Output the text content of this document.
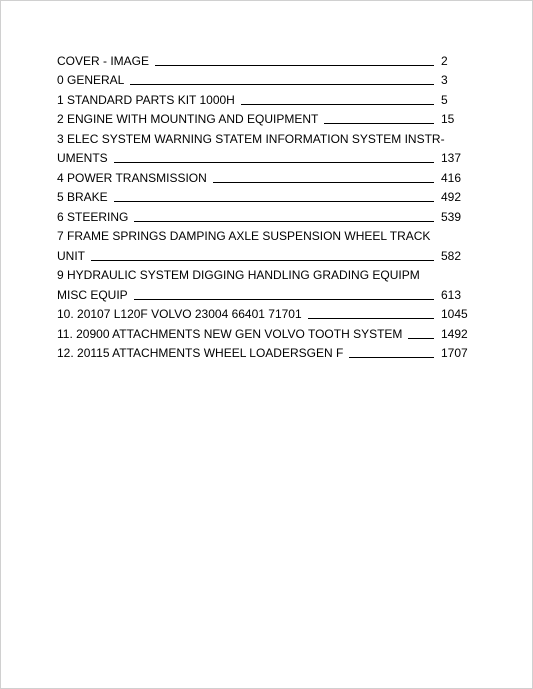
COVER - IMAGE	2
0 GENERAL	3
1 STANDARD PARTS KIT 1000H	5
2 ENGINE WITH MOUNTING AND EQUIPMENT	15
3 ELEC SYSTEM WARNING STATEM INFORMATION SYSTEM INSTR-
UMENTS	137
4 POWER TRANSMISSION	416
5 BRAKE	492
6 STEERING	539
7 FRAME SPRINGS DAMPING AXLE SUSPENSION WHEEL TRACK
UNIT	582
9 HYDRAULIC SYSTEM DIGGING HANDLING GRADING EQUIPM
MISC EQUIP	613
10. 20107 L120F VOLVO 23004 66401 71701	1045
11. 20900 ATTACHMENTS NEW GEN VOLVO TOOTH SYSTEM	1492
12. 20115 ATTACHMENTS WHEEL LOADERSGEN F	1707
